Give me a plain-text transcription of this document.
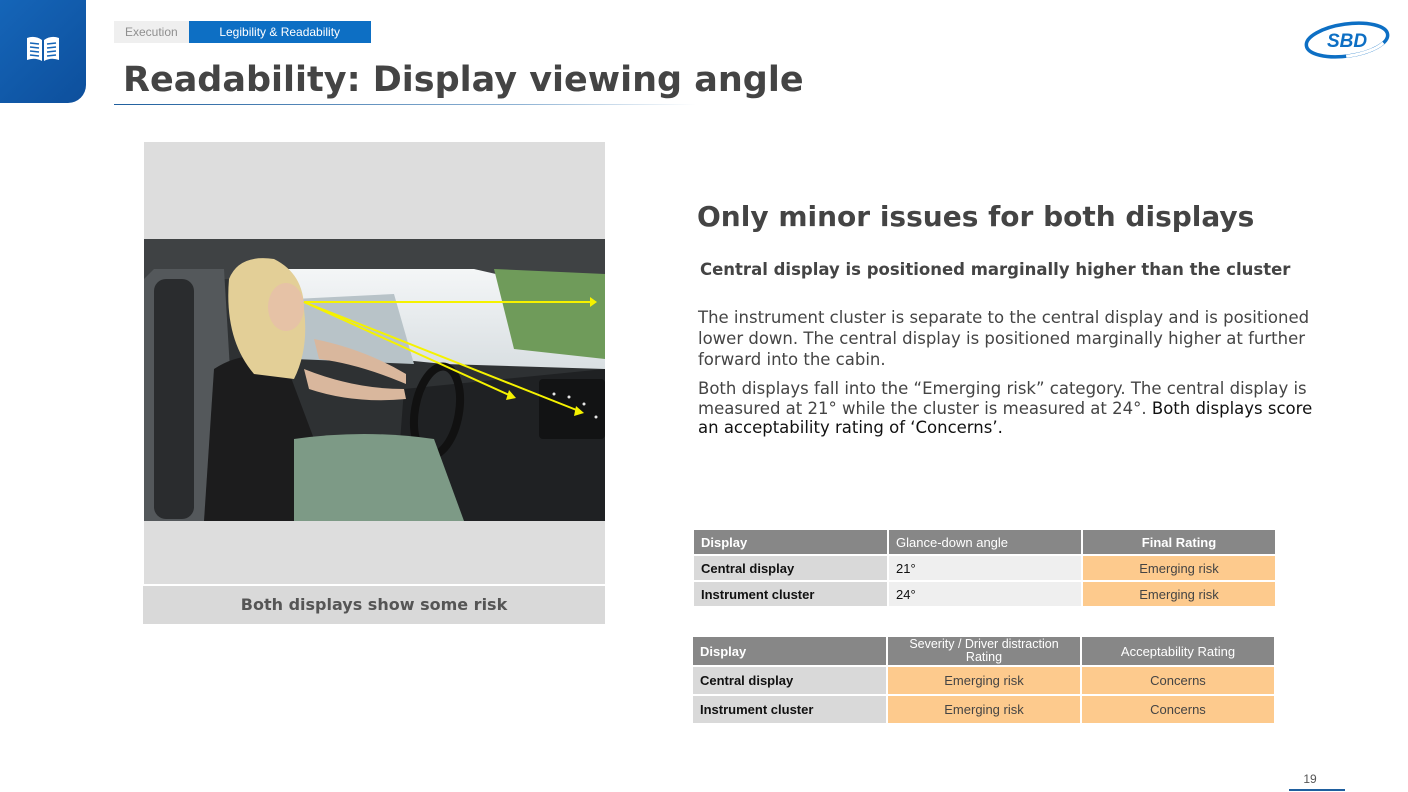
Execution	Legibility & Readability
Readability: Display viewing angle
SBD
Both displays show some risk
Only minor issues for both displays
Central display is positioned marginally higher than the cluster

The instrument cluster is separate to the central display and is positioned lower down. The central display is positioned marginally higher at further forward into the cabin.

Both displays fall into the “Emerging risk” category. The central display is measured at 21° while the cluster is measured at 24°. Both displays score an acceptability rating of ‘Concerns’.

Display	Glance-down angle	Final Rating
Central display	21°	Emerging risk
Instrument cluster	24°	Emerging risk
Display	Severity / Driver distraction Rating	Acceptability Rating
Central display	Emerging risk	Concerns
Instrument cluster	Emerging risk	Concerns
19
